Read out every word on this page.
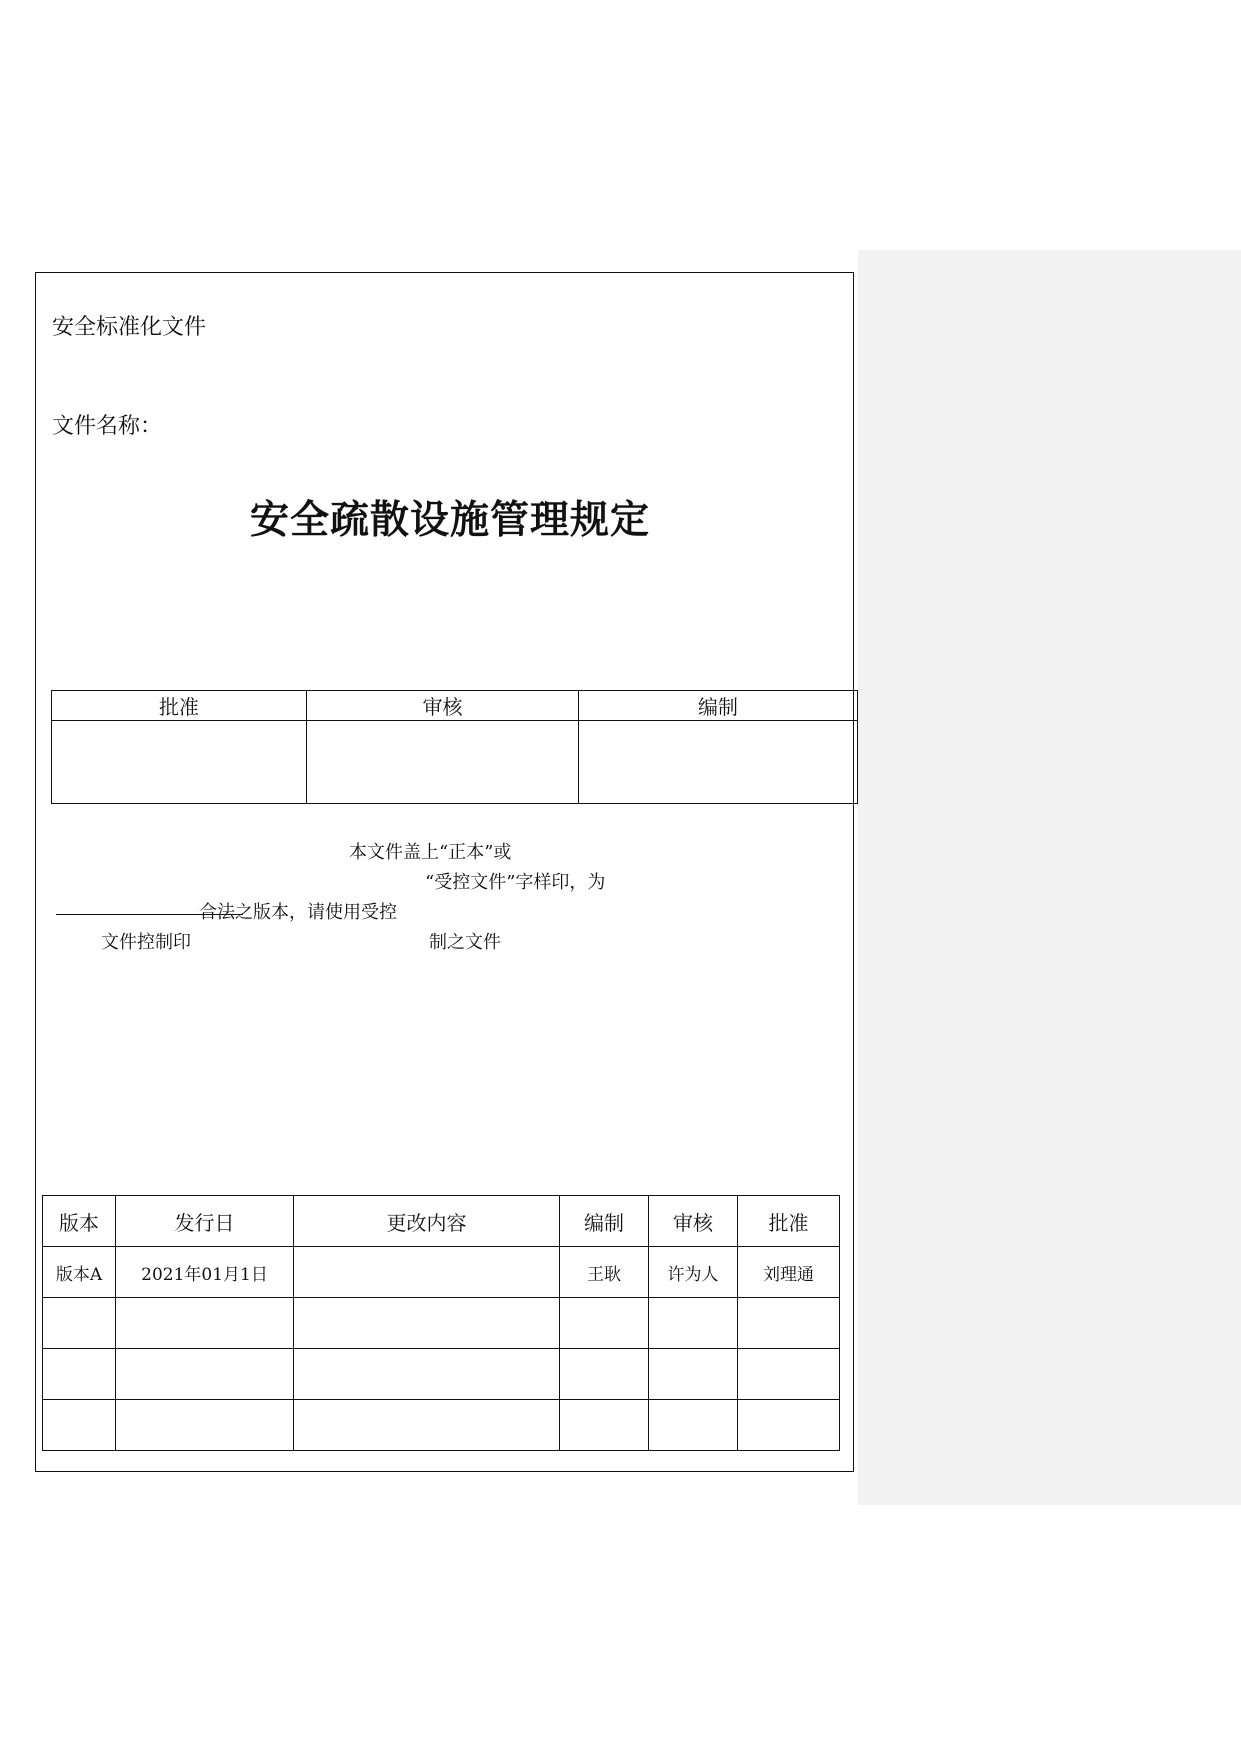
安全标准化文件
文件名称：
安全疏散设施管理规定
批准	审核	编制

本文件盖上“正本”或
“受控文件”字样印，为
合法之版本，请使用受控
文件控制印	制之文件
版本	发行日	更改内容	编制	审核	批准
版本A	2021年01月1日		王耿	许为人	刘理通
